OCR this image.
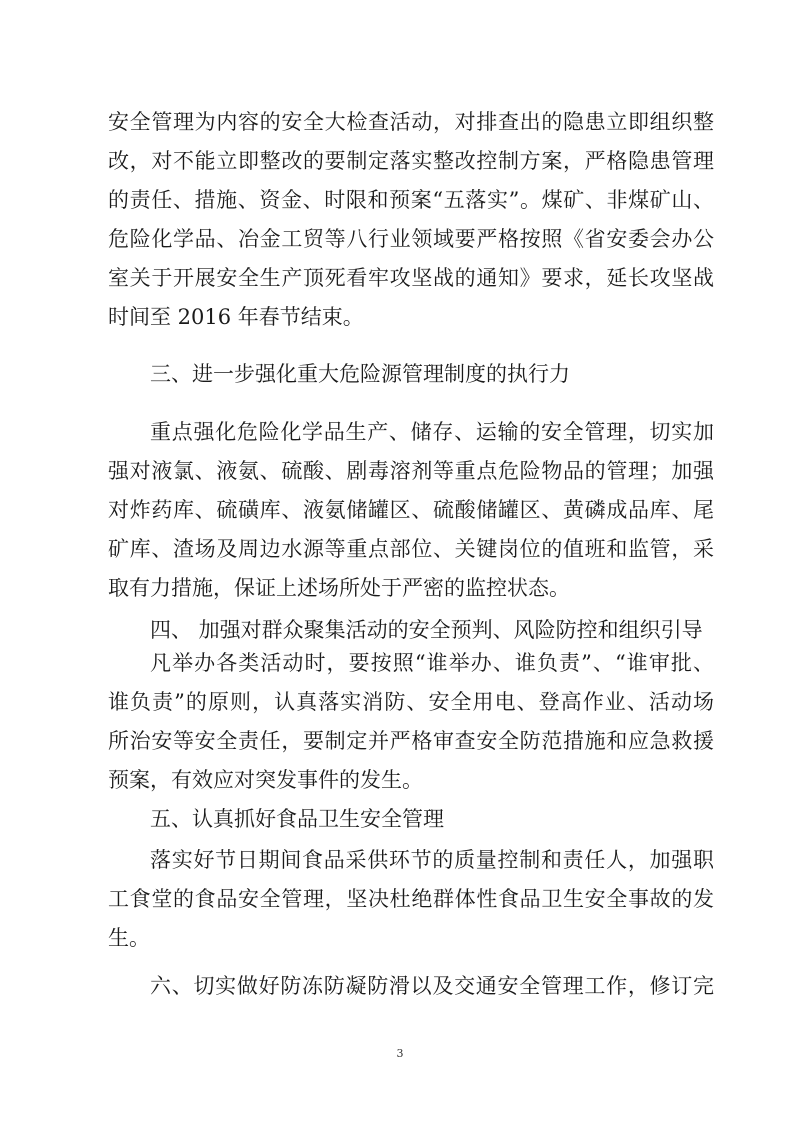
安全管理为内容的安全大检查活动，对排查出的隐患立即组织整
改，对不能立即整改的要制定落实整改控制方案，严格隐患管理
的责任、措施、资金、时限和预案“五落实”。煤矿、非煤矿山、
危险化学品、冶金工贸等八行业领域要严格按照《省安委会办公
室关于开展安全生产顶死看牢攻坚战的通知》要求，延长攻坚战
时间至 2016 年春节结束。
三、进一步强化重大危险源管理制度的执行力
重点强化危险化学品生产、储存、运输的安全管理，切实加
强对液氯、液氨、硫酸、剧毒溶剂等重点危险物品的管理；加强
对炸药库、硫磺库、液氨储罐区、硫酸储罐区、黄磷成品库、尾
矿库、渣场及周边水源等重点部位、关键岗位的值班和监管，采
取有力措施，保证上述场所处于严密的监控状态。
四、 加强对群众聚集活动的安全预判、风险防控和组织引导
凡举办各类活动时，要按照“谁举办、谁负责”、“谁审批、
谁负责”的原则，认真落实消防、安全用电、登高作业、活动场
所治安等安全责任，要制定并严格审查安全防范措施和应急救援
预案，有效应对突发事件的发生。
五、认真抓好食品卫生安全管理
落实好节日期间食品采供环节的质量控制和责任人，加强职
工食堂的食品安全管理，坚决杜绝群体性食品卫生安全事故的发
生。
六、切实做好防冻防凝防滑以及交通安全管理工作，修订完
3
